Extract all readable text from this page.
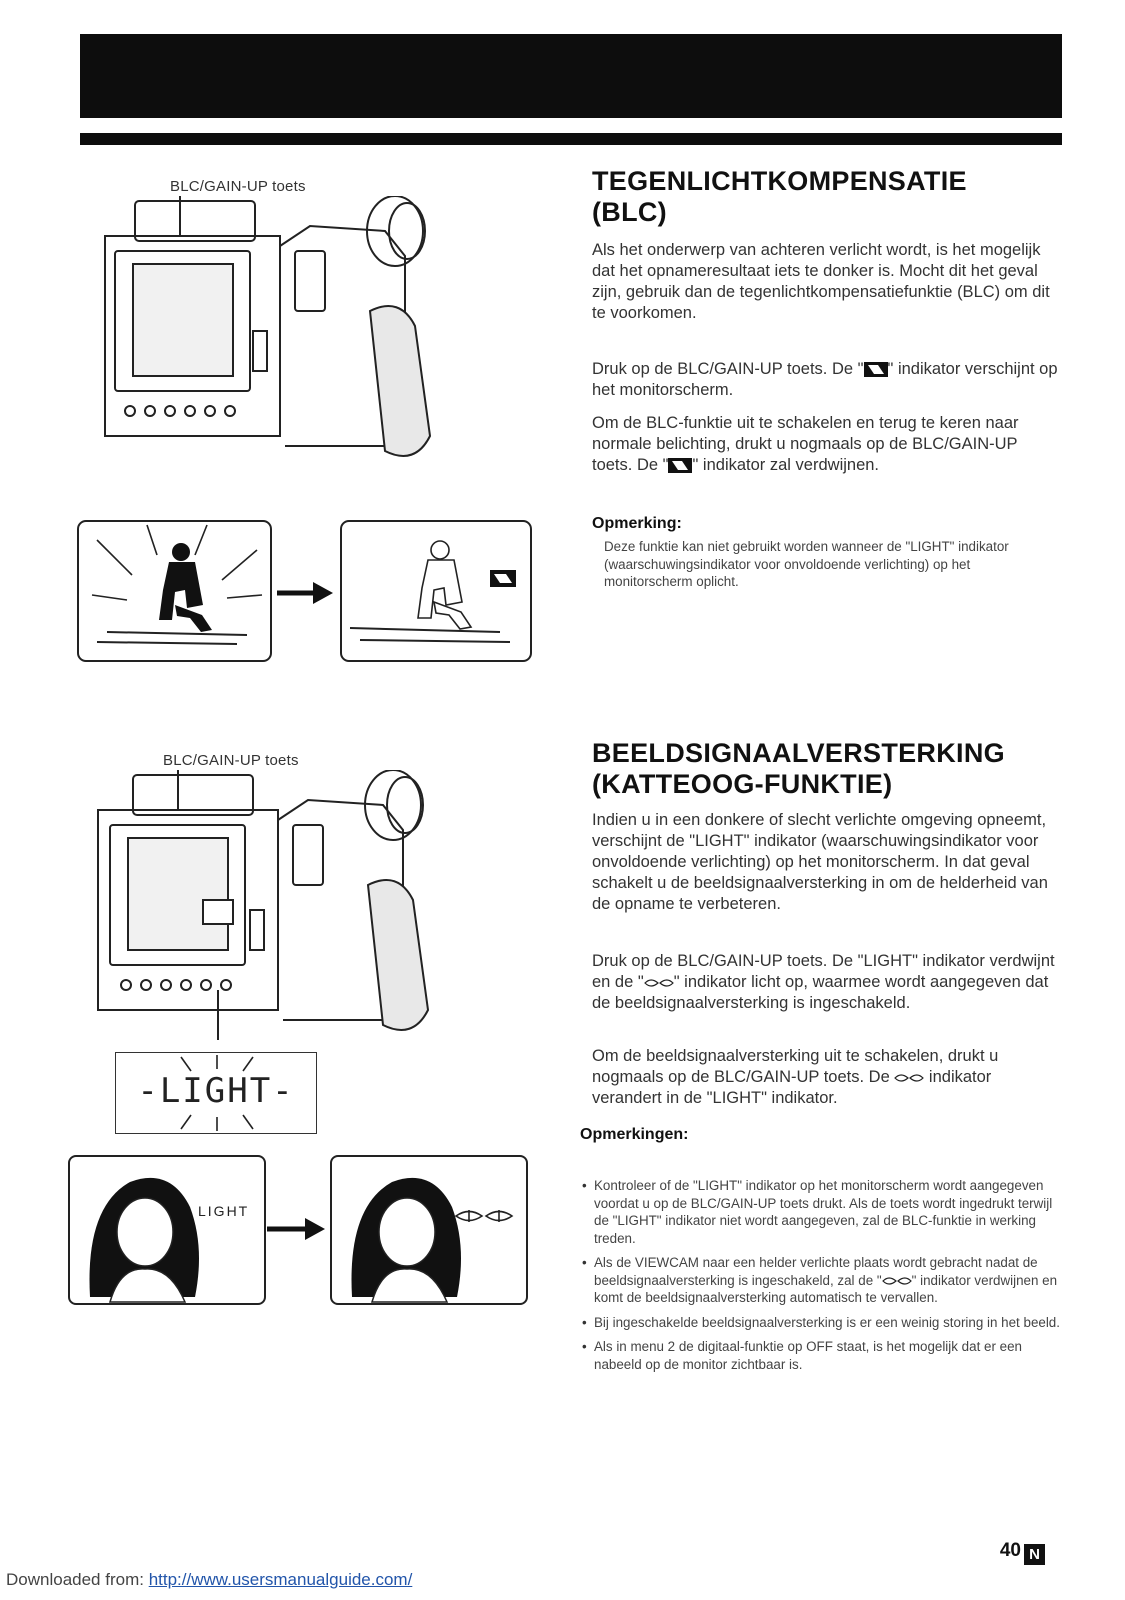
BLC/GAIN-UP toets	TEGENLICHTKOMPENSATIE
(BLC)

Als het onderwerp van achteren verlicht wordt, is het mogelijk dat het opnameresultaat iets te donker is. Mocht dit het geval zijn, gebruik dan de tegenlichtkompensatiefunktie (BLC) om dit te voorkomen.

Druk op de BLC/GAIN-UP toets. De " " indikator verschijnt op het monitorscherm.

Om de BLC-funktie uit te schakelen en terug te keren naar normale belichting, drukt u nogmaals op de BLC/GAIN-UP toets. De " " indikator zal verdwijnen.

Opmerking:

Deze funktie kan niet gebruikt worden wanneer de "LIGHT" indikator (waarschuwingsindikator voor onvoldoende verlichting) op het monitorscherm oplicht.

BLC/GAIN-UP toets
-LIGHT-
LIGHT
BEELDSIGNAALVERSTERKING
(KATTEOOG-FUNKTIE)

Indien u in een donkere of slecht verlichte omgeving opneemt, verschijnt de "LIGHT" indikator (waarschuwingsindikator voor onvoldoende verlichting) op het monitorscherm. In dat geval schakelt u de beeldsignaalversterking in om de helderheid van de opname te verbeteren.

Druk op de BLC/GAIN-UP toets. De "LIGHT" indikator verdwijnt en de " " indikator licht op, waarmee wordt aangegeven dat de beeldsignaalversterking is ingeschakeld.

Om de beeldsignaalversterking uit te schakelen, drukt u nogmaals op de BLC/GAIN-UP toets. De  indikator verandert in de "LIGHT" indikator.

Opmerkingen:
• Kontroleer of de "LIGHT" indikator op het monitorscherm wordt aangegeven voordat u op de BLC/GAIN-UP toets drukt. Als de toets wordt ingedrukt terwijl de "LIGHT" indikator niet wordt aangegeven, zal de BLC-funktie in werking treden.
• Als de VIEWCAM naar een helder verlichte plaats wordt gebracht nadat de beeldsignaalversterking is ingeschakeld, zal de " " indikator verdwijnen en komt de beeldsignaalversterking automatisch te vervallen.
• Bij ingeschakelde beeldsignaalversterking is er een weinig storing in het beeld.
• Als in menu 2 de digitaal-funktie op OFF staat, is het mogelijk dat er een nabeeld op de monitor zichtbaar is.
40 N
Downloaded from: http://www.usersmanualguide.com/
